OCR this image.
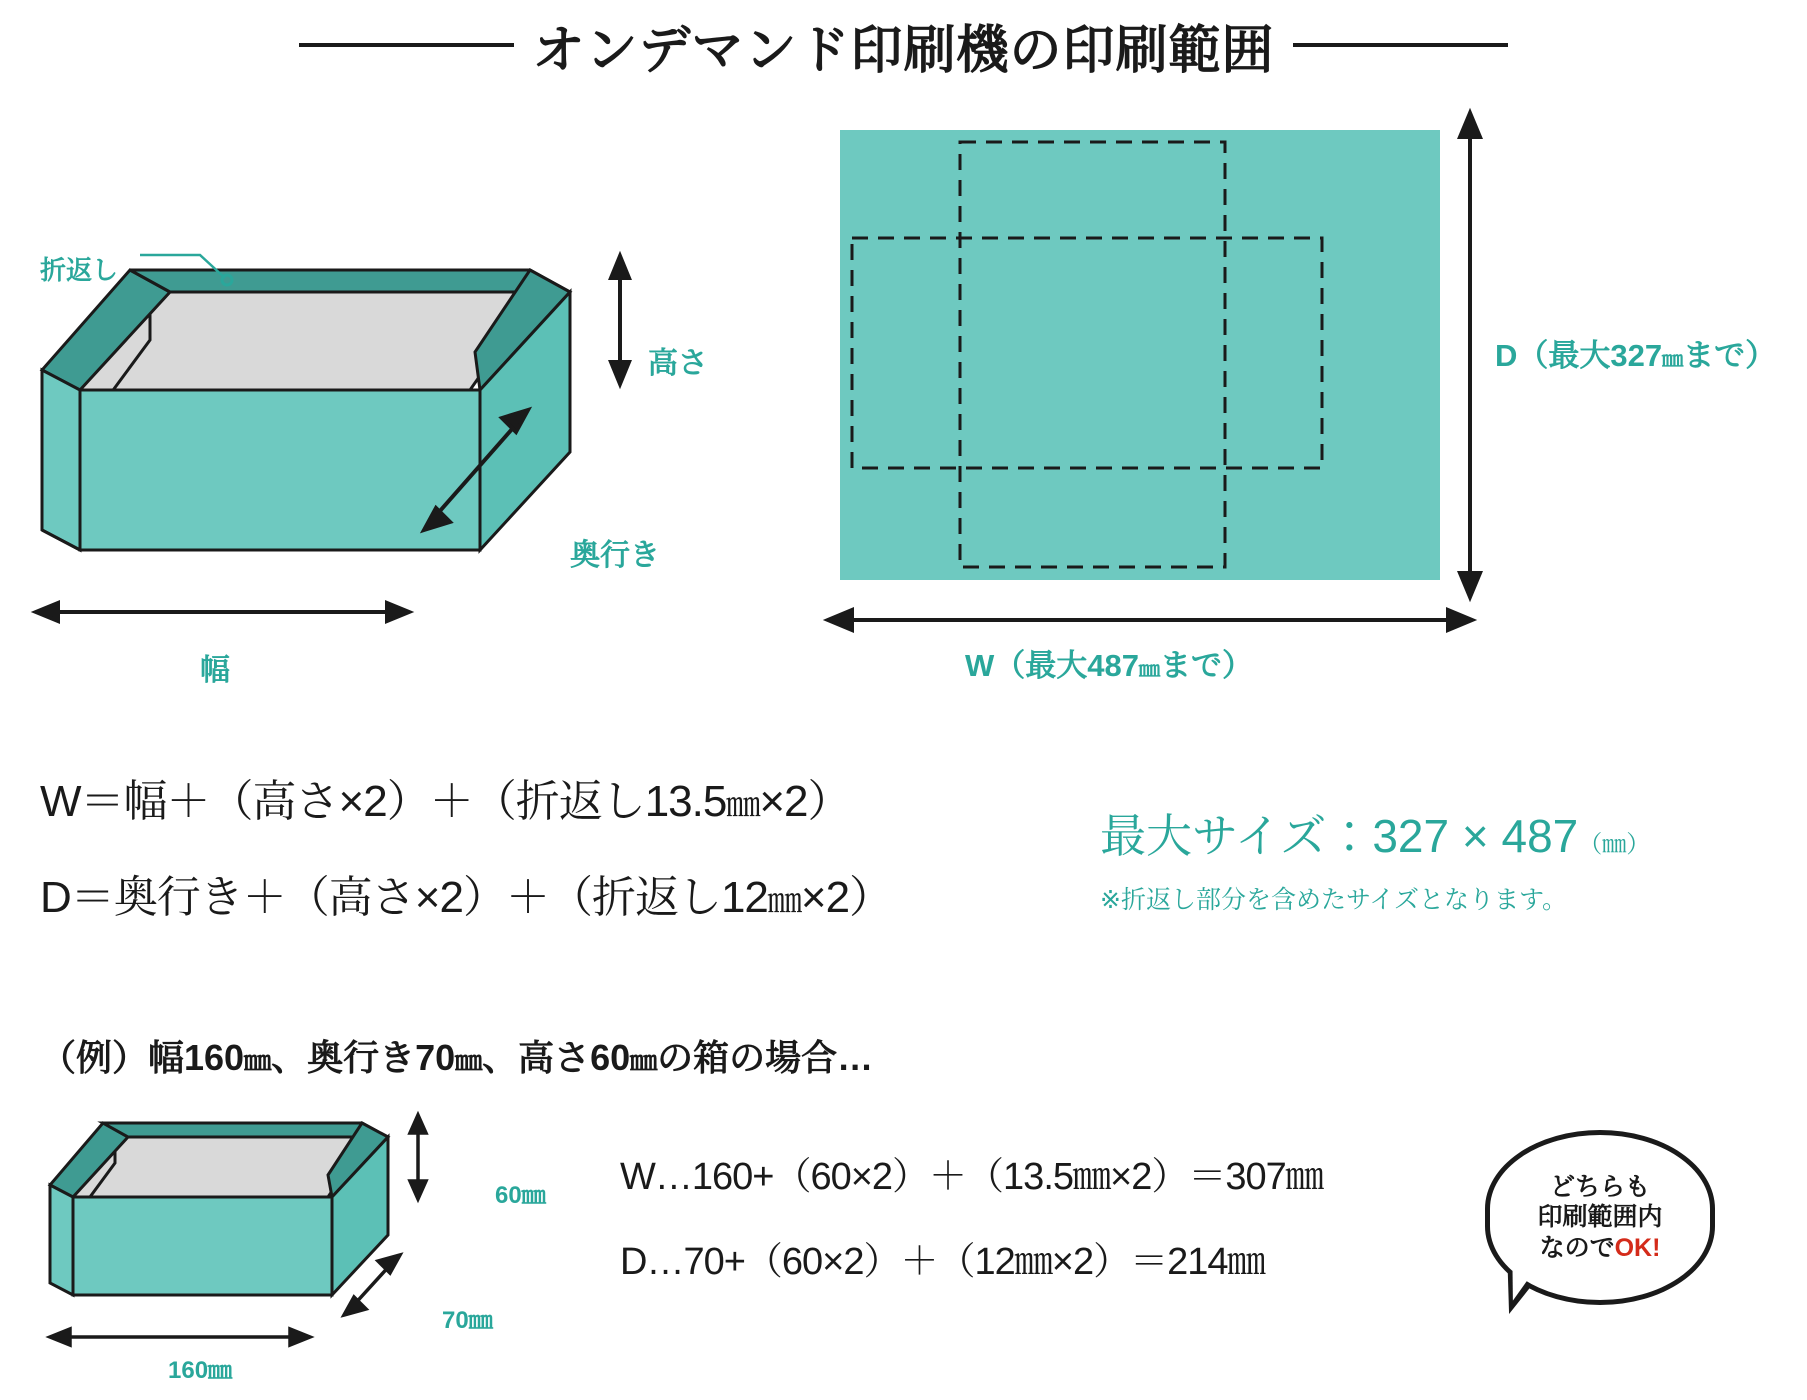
オンデマンド印刷機の印刷範囲
折返し
高さ
奥行き
幅
D（最大327㎜まで）
W（最大487㎜まで）
W＝幅＋（高さ×2）＋（折返し13.5㎜×2）
D＝奥行き＋（高さ×2）＋（折返し12㎜×2）
最大サイズ：327 × 487（㎜）
※折返し部分を含めたサイズとなります。
（例）幅160㎜、奥行き70㎜、高さ60㎜の箱の場合…
60㎜
70㎜
160㎜
W…160+（60×2）＋（13.5㎜×2）＝307㎜
D…70+（60×2）＋（12㎜×2）＝214㎜
どちらも
印刷範囲内
なのでOK!
